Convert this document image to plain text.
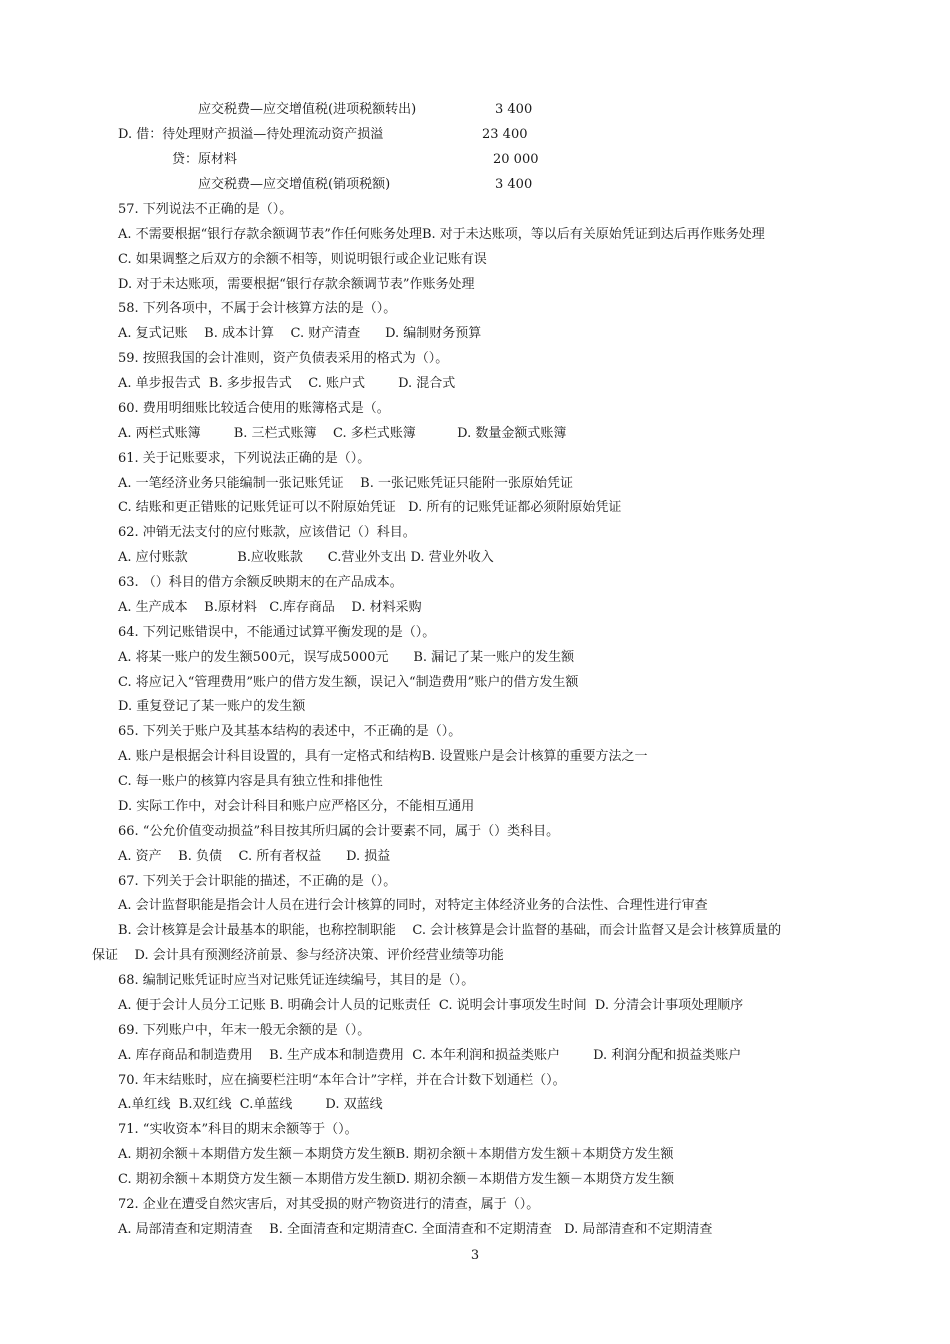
应交税费—应交增值税(进项税额转出)	3 400
D. 借：待处理财产损溢—待处理流动资产损溢	23 400
贷：原材料	20 000
应交税费—应交增值税(销项税额)	3 400
57. 下列说法不正确的是（）。
A. 不需要根据“银行存款余额调节表”作任何账务处理B. 对于未达账项，等以后有关原始凭证到达后再作账务处理
C. 如果调整之后双方的余额不相等，则说明银行或企业记账有误
D. 对于未达账项，需要根据“银行存款余额调节表”作账务处理
58. 下列各项中，不属于会计核算方法的是（）。
A. 复式记账    B. 成本计算    C. 财产清查      D. 编制财务预算
59. 按照我国的会计准则，资产负债表采用的格式为（）。
A. 单步报告式  B. 多步报告式    C. 账户式        D. 混合式
60. 费用明细账比较适合使用的账簿格式是（。
A. 两栏式账簿        B. 三栏式账簿    C. 多栏式账簿          D. 数量金额式账簿
61. 关于记账要求，下列说法正确的是（）。
A. 一笔经济业务只能编制一张记账凭证    B. 一张记账凭证只能附一张原始凭证
C. 结账和更正错账的记账凭证可以不附原始凭证   D. 所有的记账凭证都必须附原始凭证
62. 冲销无法支付的应付账款，应该借记（）科目。
A. 应付账款            B.应收账款      C.营业外支出 D. 营业外收入
63. （）科目的借方余额反映期末的在产品成本。
A. 生产成本    B.原材料   C.库存商品    D. 材料采购
64. 下列记账错误中，不能通过试算平衡发现的是（）。
A. 将某一账户的发生额500元，误写成5000元      B. 漏记了某一账户的发生额
C. 将应记入“管理费用”账户的借方发生额，误记入“制造费用”账户的借方发生额
D. 重复登记了某一账户的发生额
65. 下列关于账户及其基本结构的表述中，不正确的是（）。
A. 账户是根据会计科目设置的，具有一定格式和结构B. 设置账户是会计核算的重要方法之一
C. 每一账户的核算内容是具有独立性和排他性
D. 实际工作中，对会计科目和账户应严格区分，不能相互通用
66. “公允价值变动损益”科目按其所归属的会计要素不同，属于（）类科目。
A. 资产    B. 负债    C. 所有者权益      D. 损益
67. 下列关于会计职能的描述，不正确的是（）。
A. 会计监督职能是指会计人员在进行会计核算的同时，对特定主体经济业务的合法性、合理性进行审查
B. 会计核算是会计最基本的职能，也称控制职能    C. 会计核算是会计监督的基础，而会计监督又是会计核算质量的
保证    D. 会计具有预测经济前景、参与经济决策、评价经营业绩等功能
68. 编制记账凭证时应当对记账凭证连续编号，其目的是（）。
A. 便于会计人员分工记账 B. 明确会计人员的记账责任  C. 说明会计事项发生时间  D. 分清会计事项处理顺序
69. 下列账户中，年末一般无余额的是（）。
A. 库存商品和制造费用    B. 生产成本和制造费用  C. 本年利润和损益类账户        D. 利润分配和损益类账户
70. 年末结账时，应在摘要栏注明“本年合计”字样，并在合计数下划通栏（）。
A.单红线  B.双红线  C.单蓝线        D. 双蓝线
71. “实收资本”科目的期末余额等于（）。
A. 期初余额＋本期借方发生额－本期贷方发生额B. 期初余额＋本期借方发生额＋本期贷方发生额
C. 期初余额＋本期贷方发生额－本期借方发生额D. 期初余额－本期借方发生额－本期贷方发生额
72. 企业在遭受自然灾害后，对其受损的财产物资进行的清查，属于（）。
A. 局部清查和定期清查    B. 全面清查和定期清查C. 全面清查和不定期清查   D. 局部清查和不定期清查
3
